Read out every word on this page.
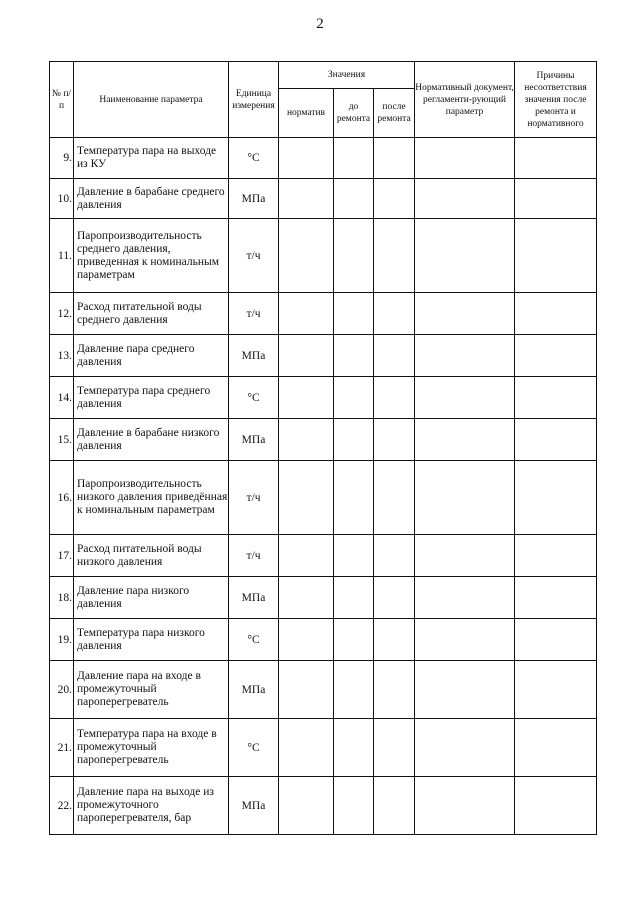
2
№ п/п	Наименование параметра	Единица измерения	Значения			Нормативный документ, регламенти-рующий параметр	Причины несоответствия значения после ремонта и нормативного
			норматив	до ремонта	после ремонта		
9.	Температура пара на выходе из КУ	°С					
10.	Давление в барабане среднего давления	МПа					
11.	Паропроизводительность среднего давления, приведенная к номинальным параметрам	т/ч					
12.	Расход питательной воды среднего давления	т/ч					
13.	Давление пара среднего давления	МПа					
14.	Температура пара среднего давления	°С					
15.	Давление в барабане низкого давления	МПа					
16.	Паропроизводительность низкого давления приведённая к номинальным параметрам	т/ч					
17.	Расход питательной воды низкого давления	т/ч					
18.	Давление пара низкого давления	МПа					
19.	Температура пара низкого давления	°С					
20.	Давление пара на входе в промежуточный пароперегреватель	МПа					
21.	Температура пара на входе в промежуточный пароперегреватель	°С					
22.	Давление пара на выходе из промежуточного пароперегревателя, бар	МПа					
